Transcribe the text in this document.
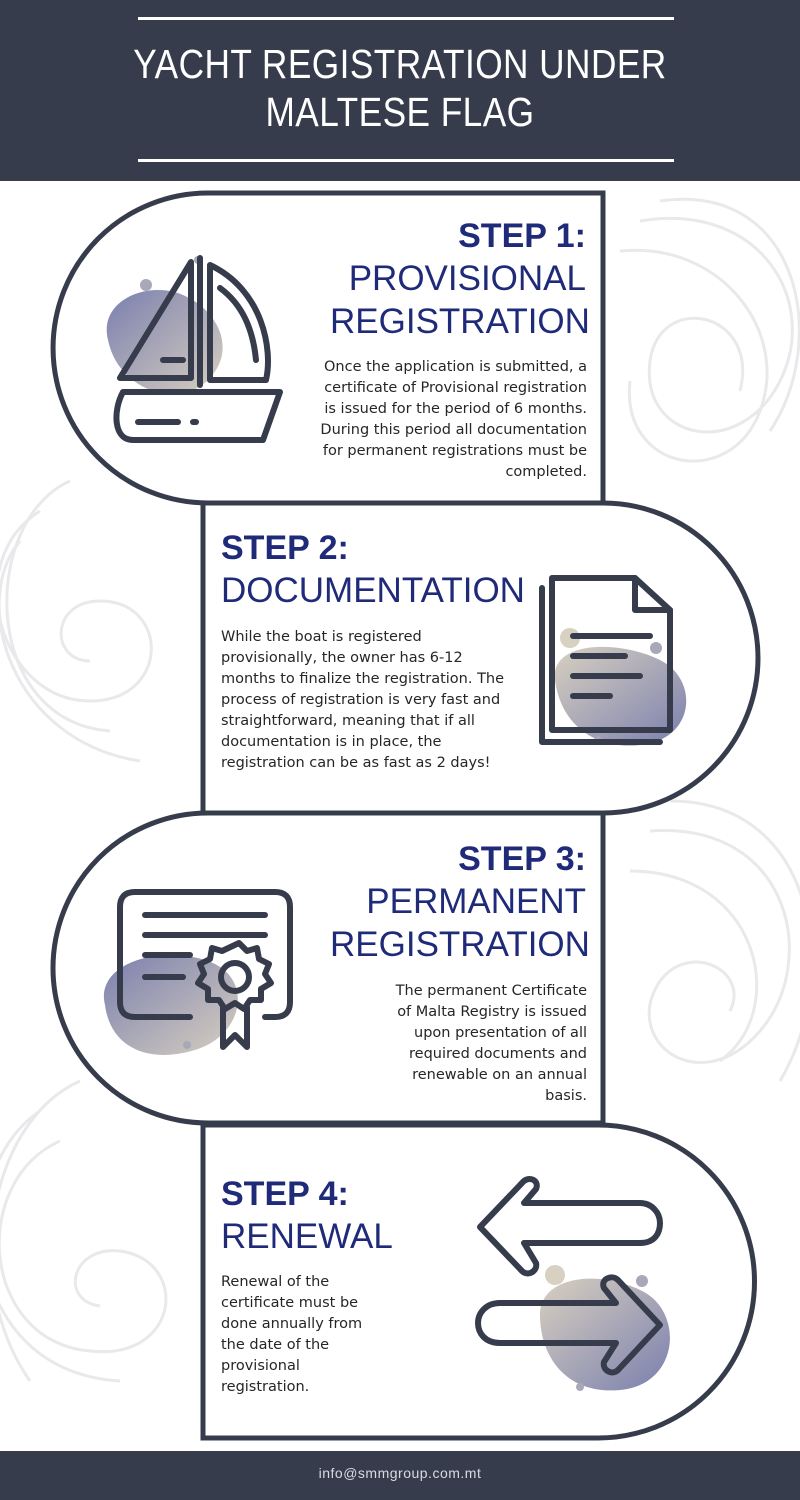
YACHT REGISTRATION UNDER
MALTESE FLAG
STEP 1:
PROVISIONAL
REGISTRATION
Once the application is submitted, a certificate of Provisional registration is issued for the period of 6 months. During this period all documentation for permanent registrations must be completed.
STEP 2:
DOCUMENTATION
While the boat is registered provisionally, the owner has 6-12 months to finalize the registration. The process of registration is very fast and straightforward, meaning that if all documentation is in place, the registration can be as fast as 2 days!
STEP 3:
PERMANENT
REGISTRATION
The permanent Certificate of Malta Registry is issued upon presentation of all required documents and renewable on an annual basis.
STEP 4:
RENEWAL
Renewal of the certificate must be done annually from the date of the provisional registration.
info@smmgroup.com.mt
